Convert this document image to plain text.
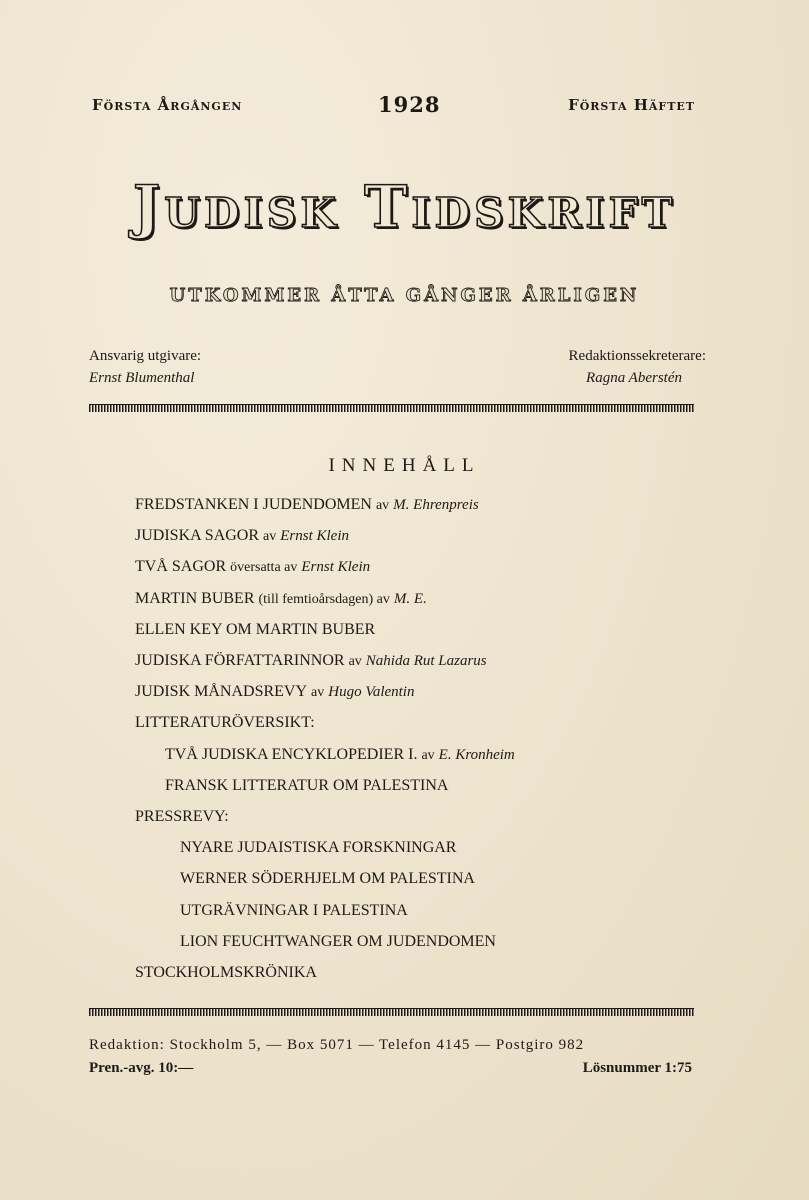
Första Årgången	1928	Första Häftet
Judisk Tidskrift
UTKOMMER ÅTTA GÅNGER ÅRLIGEN
Ansvarig utgivare:
Ernst Blumenthal
Redaktionssekreterare:
Ragna Aberstén
INNEHÅLL
FREDSTANKEN I JUDENDOMEN av M. Ehrenpreis
JUDISKA SAGOR av Ernst Klein
TVÅ SAGOR översatta av Ernst Klein
MARTIN BUBER (till femtioårsdagen) av M. E.
ELLEN KEY OM MARTIN BUBER
JUDISKA FÖRFATTARINNOR av Nahida Rut Lazarus
JUDISK MÅNADSREVY av Hugo Valentin
LITTERATURÖVERSIKT:
TVÅ JUDISKA ENCYKLOPEDIER I. av E. Kronheim
FRANSK LITTERATUR OM PALESTINA
PRESSREVY:
NYARE JUDAISTISKA FORSKNINGAR
WERNER SÖDERHJELM OM PALESTINA
UTGRÄVNINGAR I PALESTINA
LION FEUCHTWANGER OM JUDENDOMEN
STOCKHOLMSKRÖNIKA
Redaktion: Stockholm 5, — Box 5071 — Telefon 4145 — Postgiro 982
Pren.-avg. 10:—	Lösnummer 1:75
